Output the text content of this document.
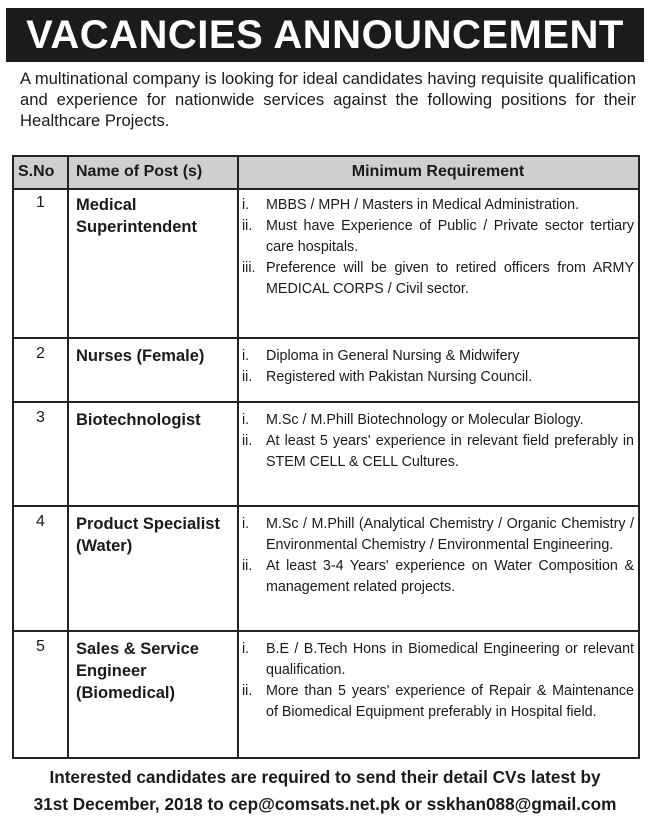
VACANCIES ANNOUNCEMENT
A multinational company is looking for ideal candidates having requisite qualification and experience for nationwide services against the following positions for their Healthcare Projects.
S.No	Name of Post (s)	Minimum Requirement
1	Medical Superintendent
i.	MBBS / MPH / Masters in Medical Administration.
ii. Must have Experience of Public / Private sector tertiary care hospitals.
iii. Preference will be given to retired officers from ARMY MEDICAL CORPS / Civil sector.
2	Nurses (Female)	i.	Diploma in General Nursing & Midwifery
ii. Registered with Pakistan Nursing Council.
3	Biotechnologist	i.	M.Sc / M.Phill Biotechnology or Molecular Biology.
ii. At least 5 years' experience in relevant field preferably in STEM CELL & CELL Cultures.
4	Product Specialist (Water)
i.	M.Sc / M.Phill (Analytical Chemistry / Organic Chemistry / Environmental Chemistry / Environmental Engineering.
ii. At least 3-4 Years' experience on Water Composition & management related projects.
5	Sales & Service Engineer (Biomedical)
i.	B.E / B.Tech Hons in Biomedical Engineering or relevant qualification.
ii. More than 5 years' experience of Repair & Maintenance of Biomedical Equipment preferably in Hospital field.
Interested candidates are required to send their detail CVs latest by
31st December, 2018 to cep@comsats.net.pk or sskhan088@gmail.com
